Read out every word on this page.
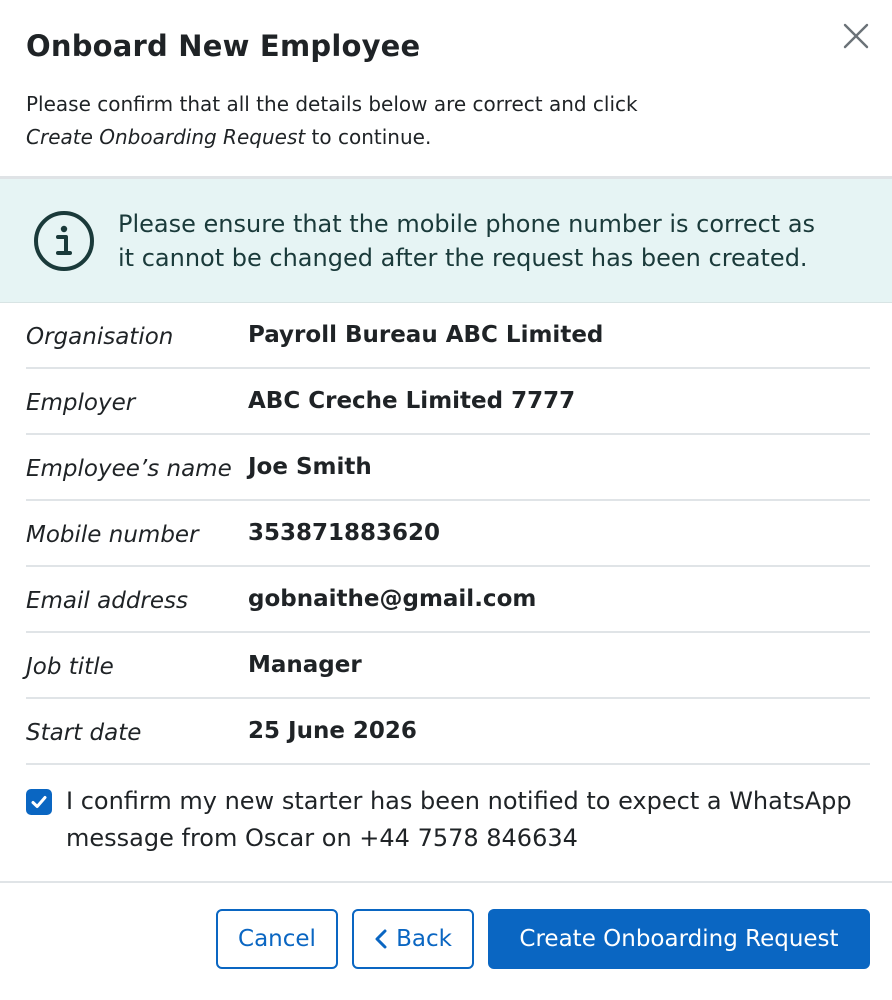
Onboard New Employee
Please confirm that all the details below are correct and click
Create Onboarding Request to continue.
Please ensure that the mobile phone number is correct as
it cannot be changed after the request has been created.
Organisation	Payroll Bureau ABC Limited
Employer	ABC Creche Limited 7777
Employee’s name Joe Smith
Mobile number	353871883620
Email address	gobnaithe@gmail.com
Job title	Manager
Start date	25 June 2026
I confirm my new starter has been notified to expect a WhatsApp
message from Oscar on +44 7578 846634
Cancel	Back	Create Onboarding Request
